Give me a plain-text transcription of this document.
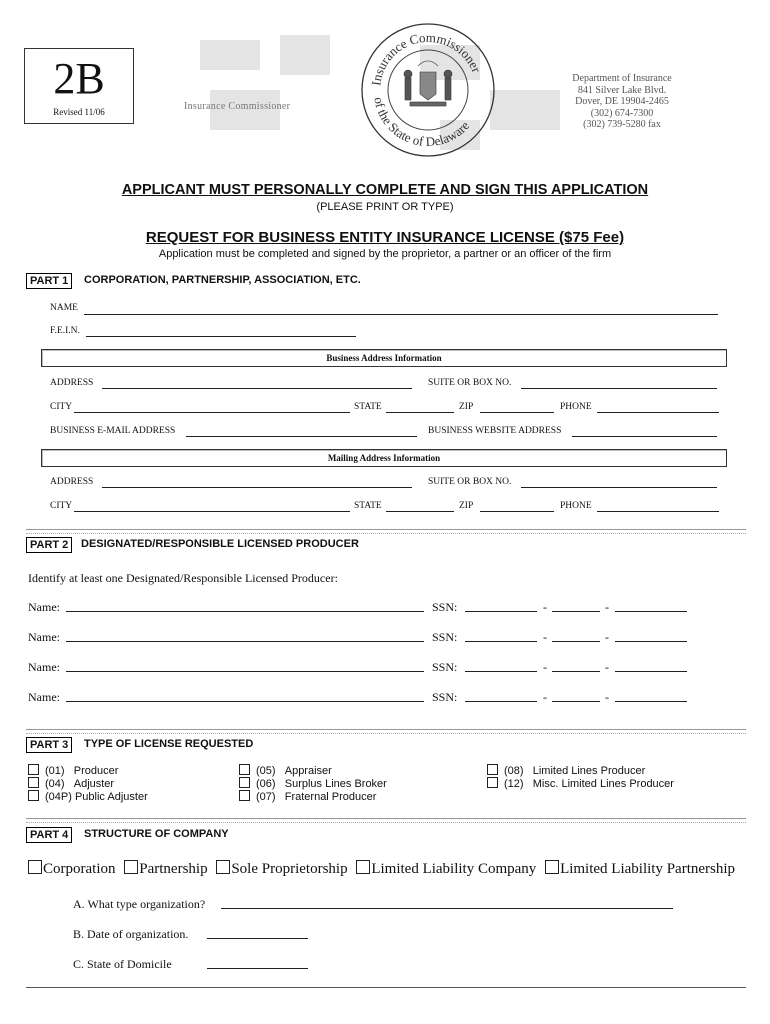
2B
Revised 11/06	Insurance Commissioner
Insurance Commissioner
of the State of Delaware
Department of Insurance
841 Silver Lake Blvd.
Dover, DE 19904-2465
(302) 674-7300
(302) 739-5280 fax
APPLICANT MUST PERSONALLY COMPLETE AND SIGN THIS APPLICATION
(PLEASE PRINT OR TYPE)
REQUEST FOR BUSINESS ENTITY INSURANCE LICENSE ($75 Fee)
Application must be completed and signed by the proprietor, a partner or an officer of the firm
PART 1	CORPORATION, PARTNERSHIP, ASSOCIATION, ETC.
NAME
F.E.I.N.
Business Address Information
ADDRESS	SUITE OR BOX NO.
CITY	STATE	ZIP	PHONE
BUSINESS E-MAIL ADDRESS	BUSINESS WEBSITE ADDRESS
Mailing Address Information
ADDRESS	SUITE OR BOX NO.
CITY	STATE	ZIP	PHONE
PART 2	DESIGNATED/RESPONSIBLE LICENSED PRODUCER
Identify at least one Designated/Responsible Licensed Producer:
Name:	SSN:	-	-
Name:	SSN:	-	-
Name:	SSN:	-	-
Name:	SSN:	-	-
PART 3	TYPE OF LICENSE REQUESTED
(01) Producer
(04) Adjuster
(04P) Public Adjuster
(05) Appraiser
(06) Surplus Lines Broker
(07) Fraternal Producer
(08) Limited Lines Producer
(12) Misc. Limited Lines Producer
PART 4	STRUCTURE OF COMPANY
Corporation Partnership Sole Proprietorship Limited Liability Company Limited Liability Partnership
A. What type organization?
B. Date of organization.
C. State of Domicile
